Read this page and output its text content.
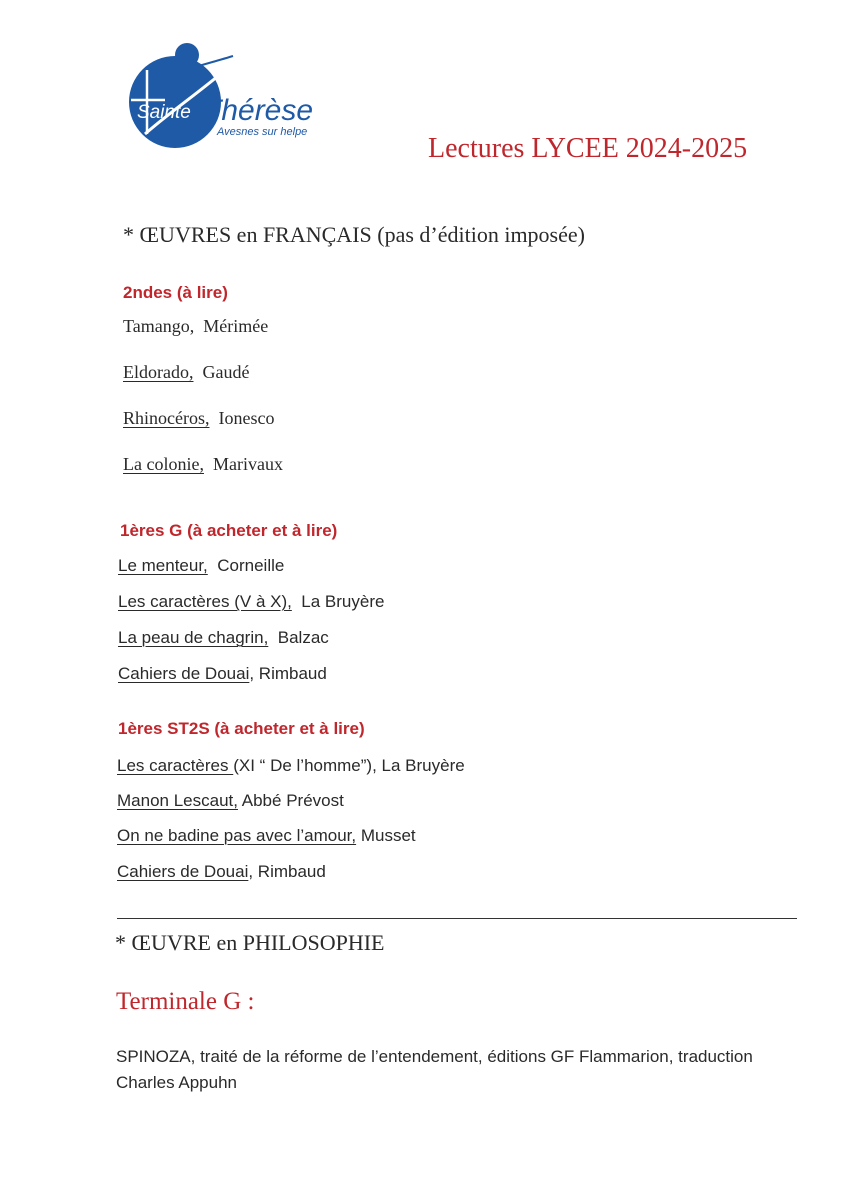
Sainte Thérèse
Avesnes sur helpe
Lectures LYCEE 2024-2025
* ŒUVRES en FRANÇAIS (pas d’édition imposée)
2ndes (à lire)
Tamango, Mérimée
Eldorado, Gaudé
Rhinocéros, Ionesco
La colonie, Marivaux
1ères G (à acheter et à lire)
Le menteur, Corneille
Les caractères (V à X), La Bruyère
La peau de chagrin, Balzac
Cahiers de Douai, Rimbaud
1ères ST2S (à acheter et à lire)
Les caractères (XI “ De l’homme”), La Bruyère
Manon Lescaut, Abbé Prévost
On ne badine pas avec l’amour, Musset
Cahiers de Douai, Rimbaud
* ŒUVRE en PHILOSOPHIE
Terminale G :
SPINOZA, traité de la réforme de l’entendement, éditions GF Flammarion, traduction Charles Appuhn
